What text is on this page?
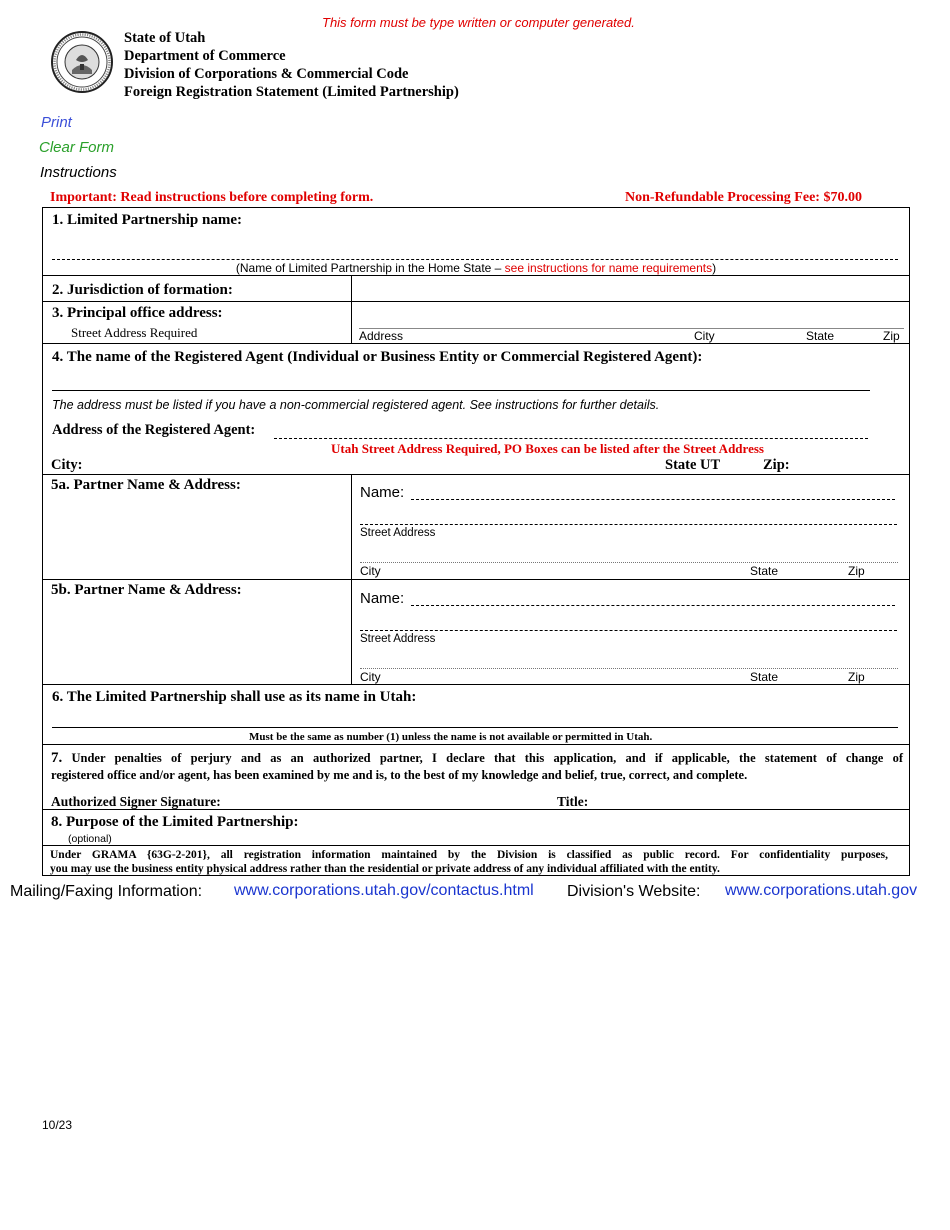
This form must be type written or computer generated.
State of Utah
Department of Commerce
Division of Corporations & Commercial Code
Foreign Registration Statement (Limited Partnership)
Print
Clear Form
Instructions
Important: Read instructions before completing form.	Non-Refundable Processing Fee: $70.00
1. Limited Partnership name:
(Name of Limited Partnership in the Home State – see instructions for name requirements)
2. Jurisdiction of formation:
3. Principal office address:
Street Address Required	Address	City	State	Zip
4. The name of the Registered Agent (Individual or Business Entity or Commercial Registered Agent):
The address must be listed if you have a non-commercial registered agent. See instructions for further details.
Address of the Registered Agent:
Utah Street Address Required, PO Boxes can be listed after the Street Address
City:	State UT	Zip:
5a. Partner Name & Address:	Name:
Street Address
City	State	Zip
5b. Partner Name & Address:	Name:
Street Address
City	State	Zip
6. The Limited Partnership shall use as its name in Utah:
Must be the same as number (1) unless the name is not available or permitted in Utah.
7. Under penalties of perjury and as an authorized partner, I declare that this application, and if applicable, the statement of change of
registered office and/or agent, has been examined by me and is, to the best of my knowledge and belief, true, correct, and complete.
Authorized Signer Signature:	Title:
8. Purpose of the Limited Partnership:
(optional)
Under GRAMA {63G-2-201}, all registration information maintained by the Division is classified as public record. For confidentiality purposes,
you may use the business entity physical address rather than the residential or private address of any individual affiliated with the entity.
Mailing/Faxing Information: www.corporations.utah.gov/contactus.html Division's Website: www.corporations.utah.gov
10/23
